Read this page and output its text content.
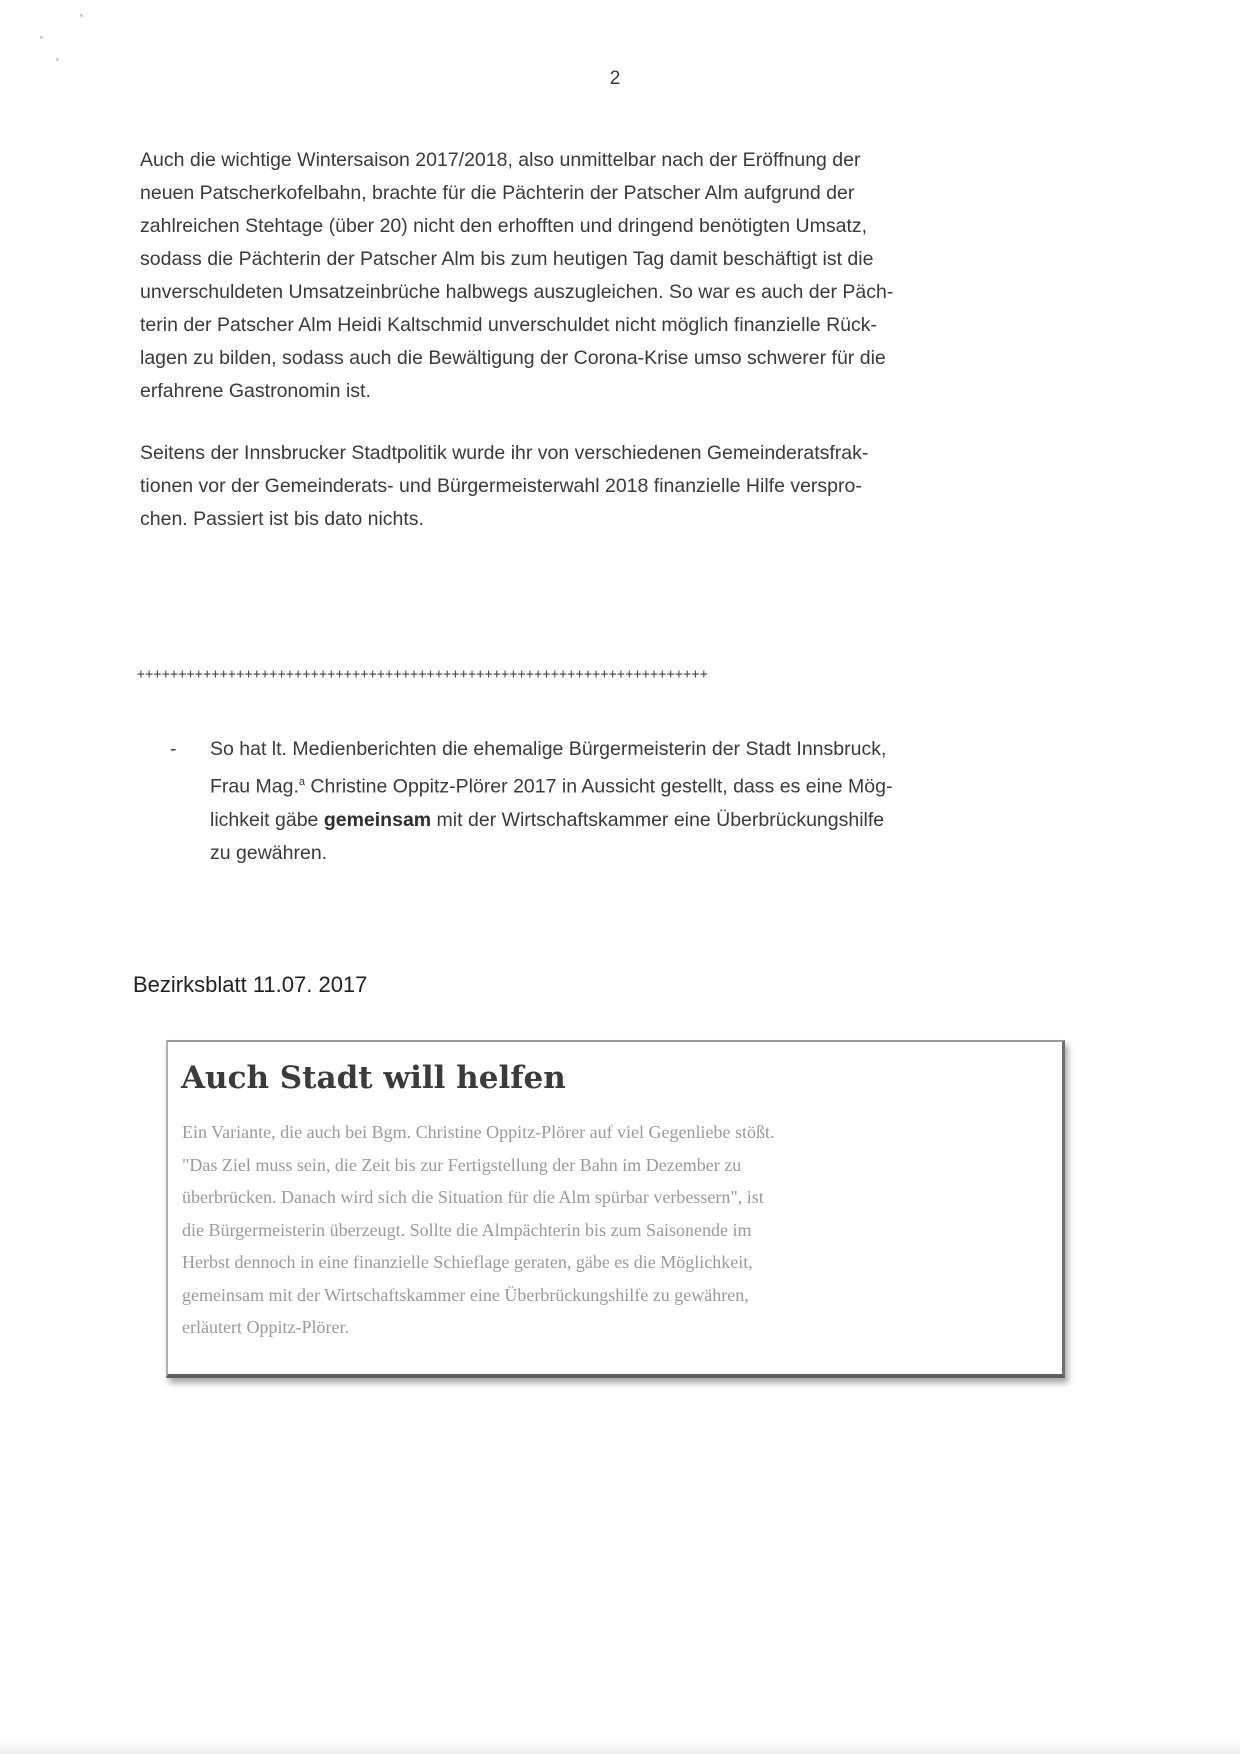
2
Auch die wichtige Wintersaison 2017/2018, also unmittelbar nach der Eröffnung der
neuen Patscherkofelbahn, brachte für die Pächterin der Patscher Alm aufgrund der
zahlreichen Stehtage (über 20) nicht den erhofften und dringend benötigten Umsatz,
sodass die Pächterin der Patscher Alm bis zum heutigen Tag damit beschäftigt ist die
unverschuldeten Umsatzeinbrüche halbwegs auszugleichen. So war es auch der Päch-
terin der Patscher Alm Heidi Kaltschmid unverschuldet nicht möglich finanzielle Rück-
lagen zu bilden, sodass auch die Bewältigung der Corona-Krise umso schwerer für die
erfahrene Gastronomin ist.
Seitens der Innsbrucker Stadtpolitik wurde ihr von verschiedenen Gemeinderatsfrak-
tionen vor der Gemeinderats- und Bürgermeisterwahl 2018 finanzielle Hilfe verspro-
chen. Passiert ist bis dato nichts.
+++++++++++++++++++++++++++++++++++++++++++++++++++++++++++++++++++++
- So hat lt. Medienberichten die ehemalige Bürgermeisterin der Stadt Innsbruck,
Frau Mag.$^a$ Christine Oppitz-Plörer 2017 in Aussicht gestellt, dass es eine Mög-
lichkeit gäbe gemeinsam mit der Wirtschaftskammer eine Überbrückungshilfe
zu gewähren.
Bezirksblatt 11.07. 2017
Auch Stadt will helfen
Ein Variante, die auch bei Bgm. Christine Oppitz-Plörer auf viel Gegenliebe stößt.
"Das Ziel muss sein, die Zeit bis zur Fertigstellung der Bahn im Dezember zu
überbrücken. Danach wird sich die Situation für die Alm spürbar verbessern", ist
die Bürgermeisterin überzeugt. Sollte die Almpächterin bis zum Saisonende im
Herbst dennoch in eine finanzielle Schieflage geraten, gäbe es die Möglichkeit,
gemeinsam mit der Wirtschaftskammer eine Überbrückungshilfe zu gewähren,
erläutert Oppitz-Plörer.
